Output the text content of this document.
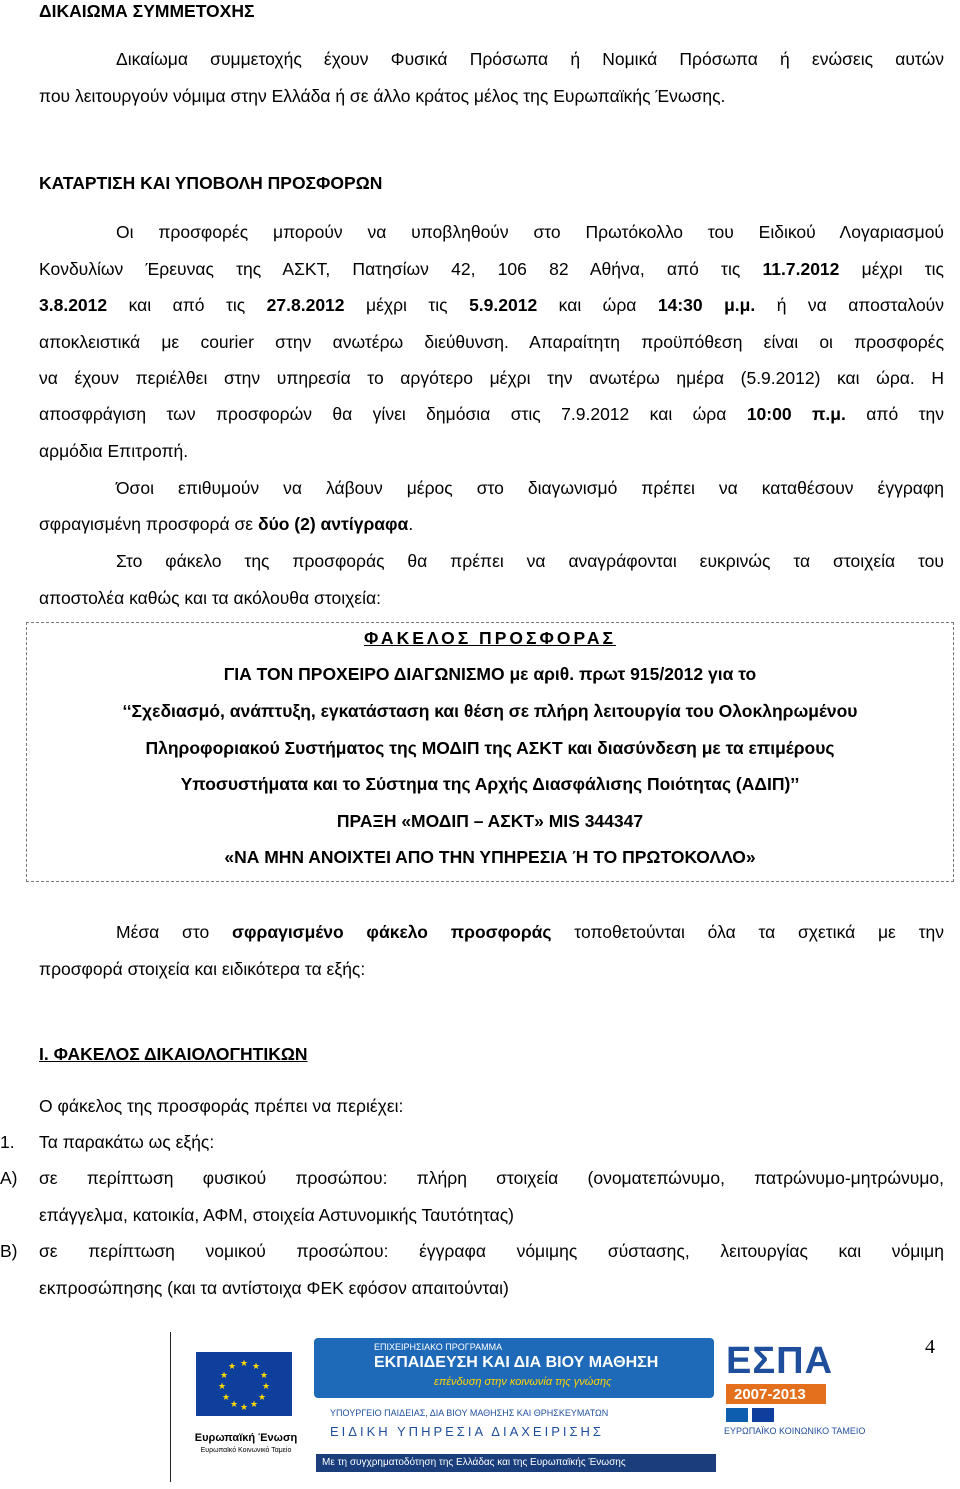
ΔΙΚΑΙΩΜΑ ΣΥΜΜΕΤΟΧΗΣ
Δικαίωμα συμμετοχής έχουν Φυσικά Πρόσωπα ή Νομικά Πρόσωπα ή ενώσεις αυτών
που λειτουργούν νόμιμα στην Ελλάδα ή σε άλλο κράτος μέλος της Ευρωπαϊκής Ένωσης.
ΚΑΤΑΡΤΙΣΗ ΚΑΙ ΥΠΟΒΟΛΗ ΠΡΟΣΦΟΡΩΝ
Οι προσφορές μπορούν να υποβληθούν στο Πρωτόκολλο του Ειδικού Λογαριασμού
Κονδυλίων Έρευνας της ΑΣΚΤ, Πατησίων 42, 106 82 Αθήνα, από τις 11.7.2012 μέχρι τις
3.8.2012 και από τις 27.8.2012 μέχρι τις 5.9.2012 και ώρα 14:30 μ.μ. ή να αποσταλούν
αποκλειστικά με courier στην ανωτέρω διεύθυνση. Απαραίτητη προϋπόθεση είναι οι προσφορές
να έχουν περιέλθει στην υπηρεσία το αργότερο μέχρι την ανωτέρω ημέρα (5.9.2012) και ώρα. Η
αποσφράγιση των προσφορών θα γίνει δημόσια στις 7.9.2012 και ώρα 10:00 π.μ. από την
αρμόδια Επιτροπή.
Όσοι επιθυμούν να λάβουν μέρος στο διαγωνισμό πρέπει να καταθέσουν έγγραφη
σφραγισμένη προσφορά σε δύο (2) αντίγραφα.
Στο φάκελο της προσφοράς θα πρέπει να αναγράφονται ευκρινώς τα στοιχεία του
αποστολέα καθώς και τα ακόλουθα στοιχεία:
ΦΑΚΕΛΟΣ ΠΡΟΣΦΟΡΑΣ
ΓΙΑ ΤΟΝ ΠΡΟΧΕΙΡΟ ΔΙΑΓΩΝΙΣΜΟ με αριθ. πρωτ 915/2012 για το
‘‘Σχεδιασμό, ανάπτυξη, εγκατάσταση και θέση σε πλήρη λειτουργία του Ολοκληρωμένου
Πληροφοριακού Συστήματος της ΜΟΔΙΠ της ΑΣΚΤ και διασύνδεση με τα επιμέρους
Υποσυστήματα και το Σύστημα της Αρχής Διασφάλισης Ποιότητας (ΑΔΙΠ)’’
ΠΡΑΞΗ «ΜΟΔΙΠ – ΑΣΚΤ» MIS 344347
«ΝΑ ΜΗΝ ΑΝΟΙΧΤΕΙ ΑΠΟ ΤΗΝ ΥΠΗΡΕΣΙΑ Ή ΤΟ ΠΡΩΤΟΚΟΛΛΟ»
Μέσα στο σφραγισμένο φάκελο προσφοράς τοποθετούνται όλα τα σχετικά με την
προσφορά στοιχεία και ειδικότερα τα εξής:
Ι. ΦΑΚΕΛΟΣ ΔΙΚΑΙΟΛΟΓΗΤΙΚΩΝ
Ο φάκελος της προσφοράς πρέπει να περιέχει:
1.	Τα παρακάτω ως εξής:
Α)	σε περίπτωση φυσικού προσώπου: πλήρη στοιχεία (ονοματεπώνυμο, πατρώνυμο-μητρώνυμο,
επάγγελμα, κατοικία, ΑΦΜ, στοιχεία Αστυνομικής Ταυτότητας)
Β)	σε περίπτωση νομικού προσώπου: έγγραφα νόμιμης σύστασης, λειτουργίας και νόμιμη
εκπροσώπησης (και τα αντίστοιχα ΦΕΚ εφόσον απαιτούνται)
4
★ ★
★
★
★
★
★
★
★
★
★
★
Ευρωπαϊκή Ένωση
Ευρωπαϊκό Κοινωνικό Ταμείο
ΕΠΙΧΕΙΡΗΣΙΑΚΟ ΠΡΟΓΡΑΜΜΑ
ΕΚΠΑΙΔΕΥΣΗ ΚΑΙ ΔΙΑ ΒΙΟΥ ΜΑΘΗΣΗ
επένδυση στην κοινωνία της γνώσης
ΥΠΟΥΡΓΕΙΟ ΠΑΙΔΕΙΑΣ, ΔΙΑ ΒΙΟΥ ΜΑΘΗΣΗΣ ΚΑΙ ΘΡΗΣΚΕΥΜΑΤΩΝ
ΕΙΔΙΚΗ ΥΠΗΡΕΣΙΑ ΔΙΑΧΕΙΡΙΣΗΣ
Με τη συγχρηματοδότηση της Ελλάδας και της Ευρωπαϊκής Ένωσης
ΕΣΠΑ
2007-2013
ΕΥΡΩΠΑΪΚΟ ΚΟΙΝΩΝΙΚΟ ΤΑΜΕΙΟ
